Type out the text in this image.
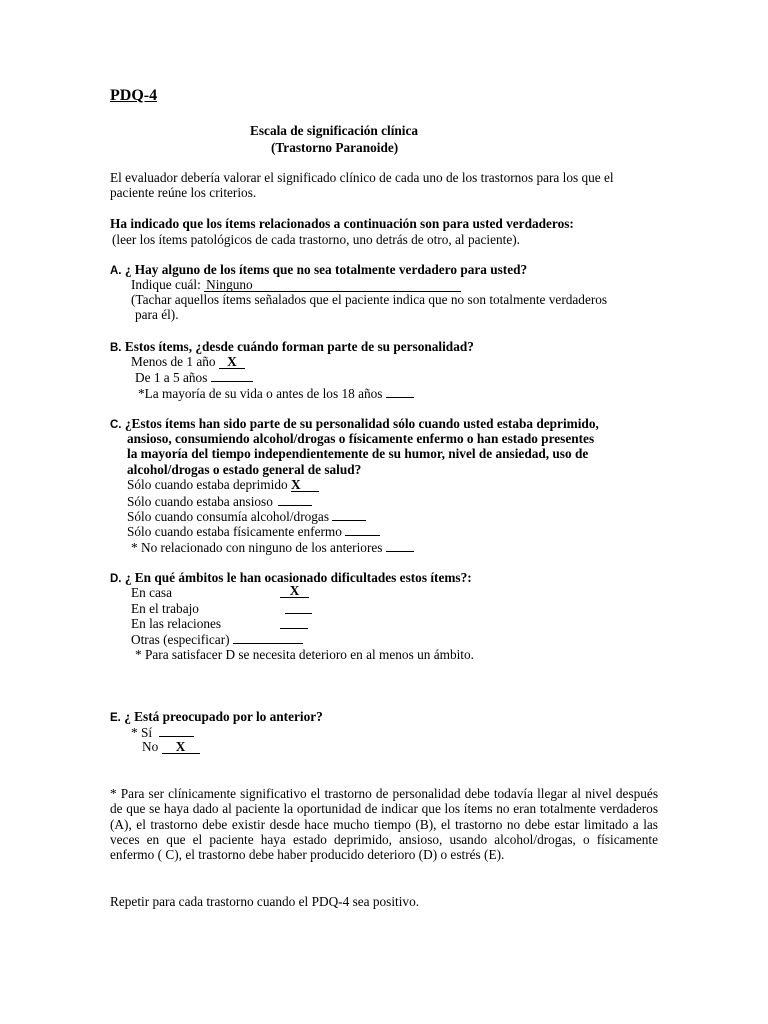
PDQ-4
Escala de significación clínica
(Trastorno Paranoide)
El evaluador debería valorar el significado clínico de cada uno de los trastornos para los que el
paciente reúne los criterios.
Ha indicado que los ítems relacionados a continuación son para usted verdaderos:
(leer los ítems patológicos de cada trastorno, uno detrás de otro, al paciente).
A. ¿ Hay alguno de los ítems que no sea totalmente verdadero para usted?
Indique cuál: Ninguno
(Tachar aquellos ítems señalados que el paciente indica que no son totalmente verdaderos
para él).
B. Estos ítems, ¿desde cuándo forman parte de su personalidad?
Menos de 1 año X
De 1 a 5 años
*La mayoría de su vida o antes de los 18 años
C. ¿Estos ítems han sido parte de su personalidad sólo cuando usted estaba deprimido,
ansioso, consumiendo alcohol/drogas o físicamente enfermo o han estado presentes
la mayoría del tiempo independientemente de su humor, nivel de ansiedad, uso de
alcohol/drogas o estado general de salud?
Sólo cuando estaba deprimido X
Sólo cuando estaba ansioso
Sólo cuando consumía alcohol/drogas
Sólo cuando estaba físicamente enfermo
* No relacionado con ninguno de los anteriores
D. ¿ En qué ámbitos le han ocasionado dificultades estos ítems?:
En casa	X
En el trabajo
En las relaciones
Otras (especificar)
* Para satisfacer D se necesita deterioro en al menos un ámbito.
E. ¿ Está preocupado por lo anterior?
* Sí
No X
* Para ser clínicamente significativo el trastorno de personalidad debe todavía llegar al nivel después de que se haya dado al paciente la oportunidad de indicar que los ítems no eran totalmente verdaderos (A), el trastorno debe existir desde hace mucho tiempo (B), el trastorno no debe estar limitado a las veces en que el paciente haya estado deprimido, ansioso, usando alcohol/drogas, o físicamente enfermo ( C), el trastorno debe haber producido deterioro (D) o estrés (E).
Repetir para cada trastorno cuando el PDQ-4 sea positivo.
